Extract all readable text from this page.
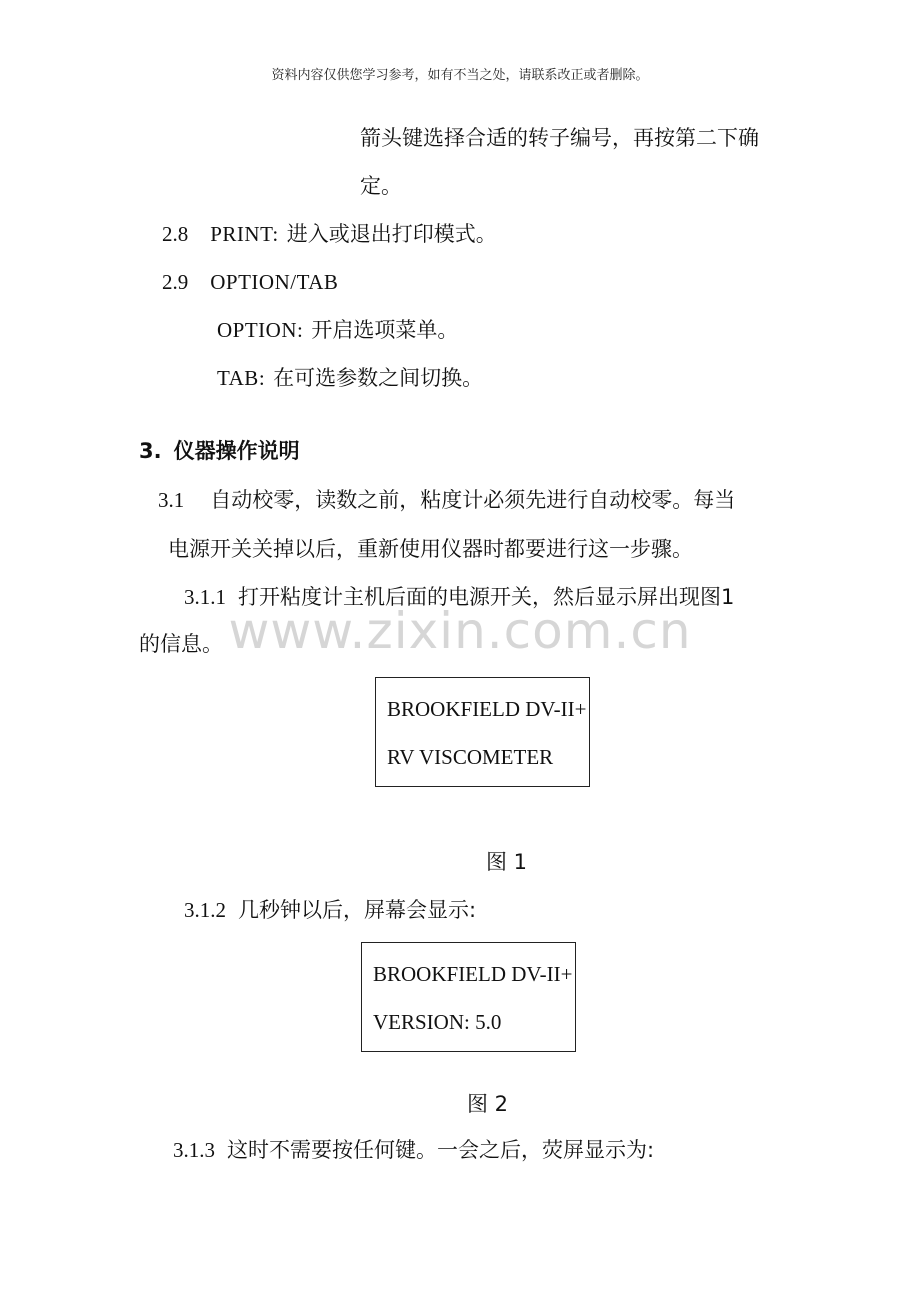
资料内容仅供您学习参考，如有不当之处，请联系改正或者删除。
www.zixin.com.cn
箭头键选择合适的转子编号，再按第二下确
定。
2.8 PRINT: 进入或退出打印模式。
2.9 OPTION/TAB
OPTION: 开启选项菜单。
TAB: 在可选参数之间切换。
3. 仪器操作说明
3.1 自动校零，读数之前，粘度计必须先进行自动校零。每当
电源开关关掉以后，重新使用仪器时都要进行这一步骤。
3.1.1 打开粘度计主机后面的电源开关，然后显示屏出现图1
的信息。
BROOKFIELD DV-II+
RV VISCOMETER
图 1
3.1.2 几秒钟以后，屏幕会显示:
BROOKFIELD DV-II+
VERSION: 5.0
图 2
3.1.3 这时不需要按任何键。一会之后，荧屏显示为:
